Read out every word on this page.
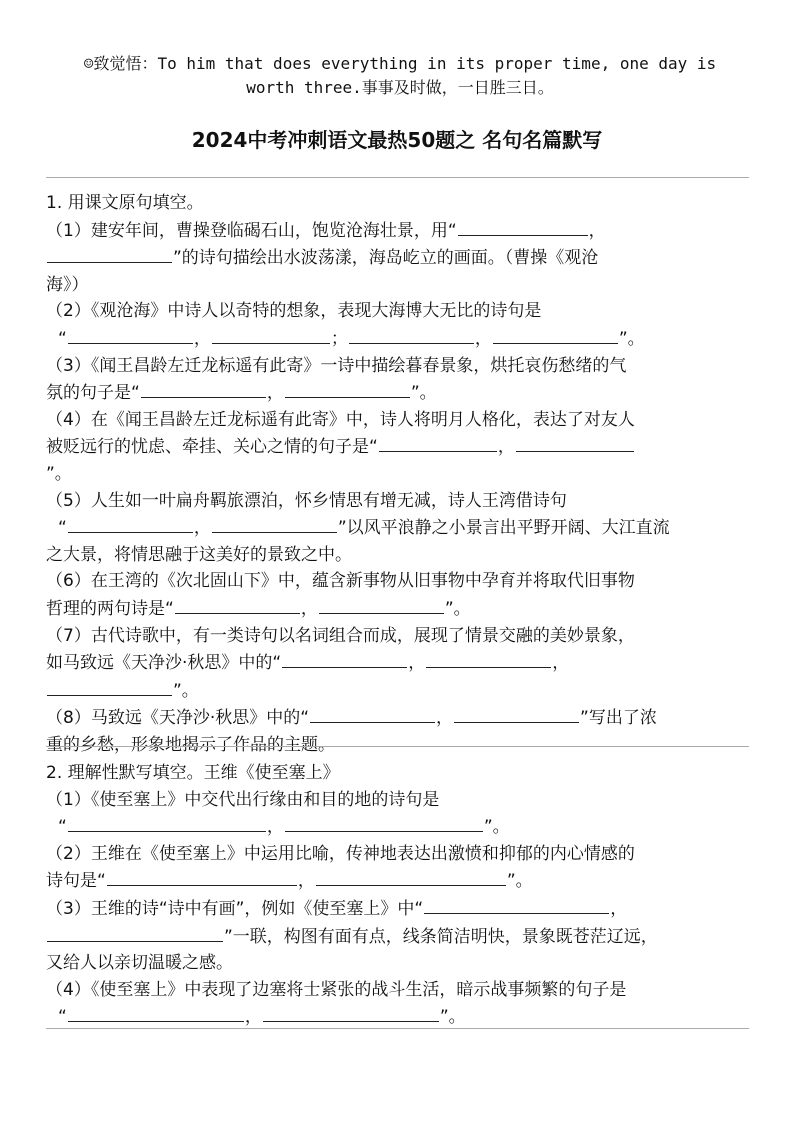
☺致觉悟：To him that does everything in its proper time, one day is
worth three.事事及时做，一日胜三日。
2024中考冲刺语文最热50题之 名句名篇默写

1. 用课文原句填空。

（1）建安年间，曹操登临碣石山，饱览沧海壮景，用“	，

”的诗句描绘出水波荡漾，海岛屹立的画面。（曹操《观沧

海》）

（2）《观沧海》中诗人以奇特的想象，表现大海博大无比的诗句是

“	，	；	，	”。

（3）《闻王昌龄左迁龙标遥有此寄》一诗中描绘暮春景象，烘托哀伤愁绪的气

氛的句子是“	，	”。

（4）在《闻王昌龄左迁龙标遥有此寄》中，诗人将明月人格化，表达了对友人

被贬远行的忧虑、牵挂、关心之情的句子是“	，

”。

（5）人生如一叶扁舟羁旅漂泊，怀乡情思有增无减，诗人王湾借诗句

“	，	”以风平浪静之小景言出平野开阔、大江直流

之大景，将情思融于这美好的景致之中。

（6）在王湾的《次北固山下》中，蕴含新事物从旧事物中孕育并将取代旧事物

哲理的两句诗是“	，	”。

（7）古代诗歌中，有一类诗句以名词组合而成，展现了情景交融的美妙景象，

如马致远《天净沙·秋思》中的“	，	，

”。

（8）马致远《天净沙·秋思》中的“	，	”写出了浓

重的乡愁，形象地揭示了作品的主题。

2. 理解性默写填空。王维《使至塞上》

（1）《使至塞上》中交代出行缘由和目的地的诗句是

“	，	”。

（2）王维在《使至塞上》中运用比喻，传神地表达出激愤和抑郁的内心情感的

诗句是“	，	”。

（3）王维的诗“诗中有画”，例如《使至塞上》中“	，

”一联，构图有面有点，线条简洁明快，景象既苍茫辽远，

又给人以亲切温暖之感。

（4）《使至塞上》中表现了边塞将士紧张的战斗生活，暗示战事频繁的句子是

“	，	”。
